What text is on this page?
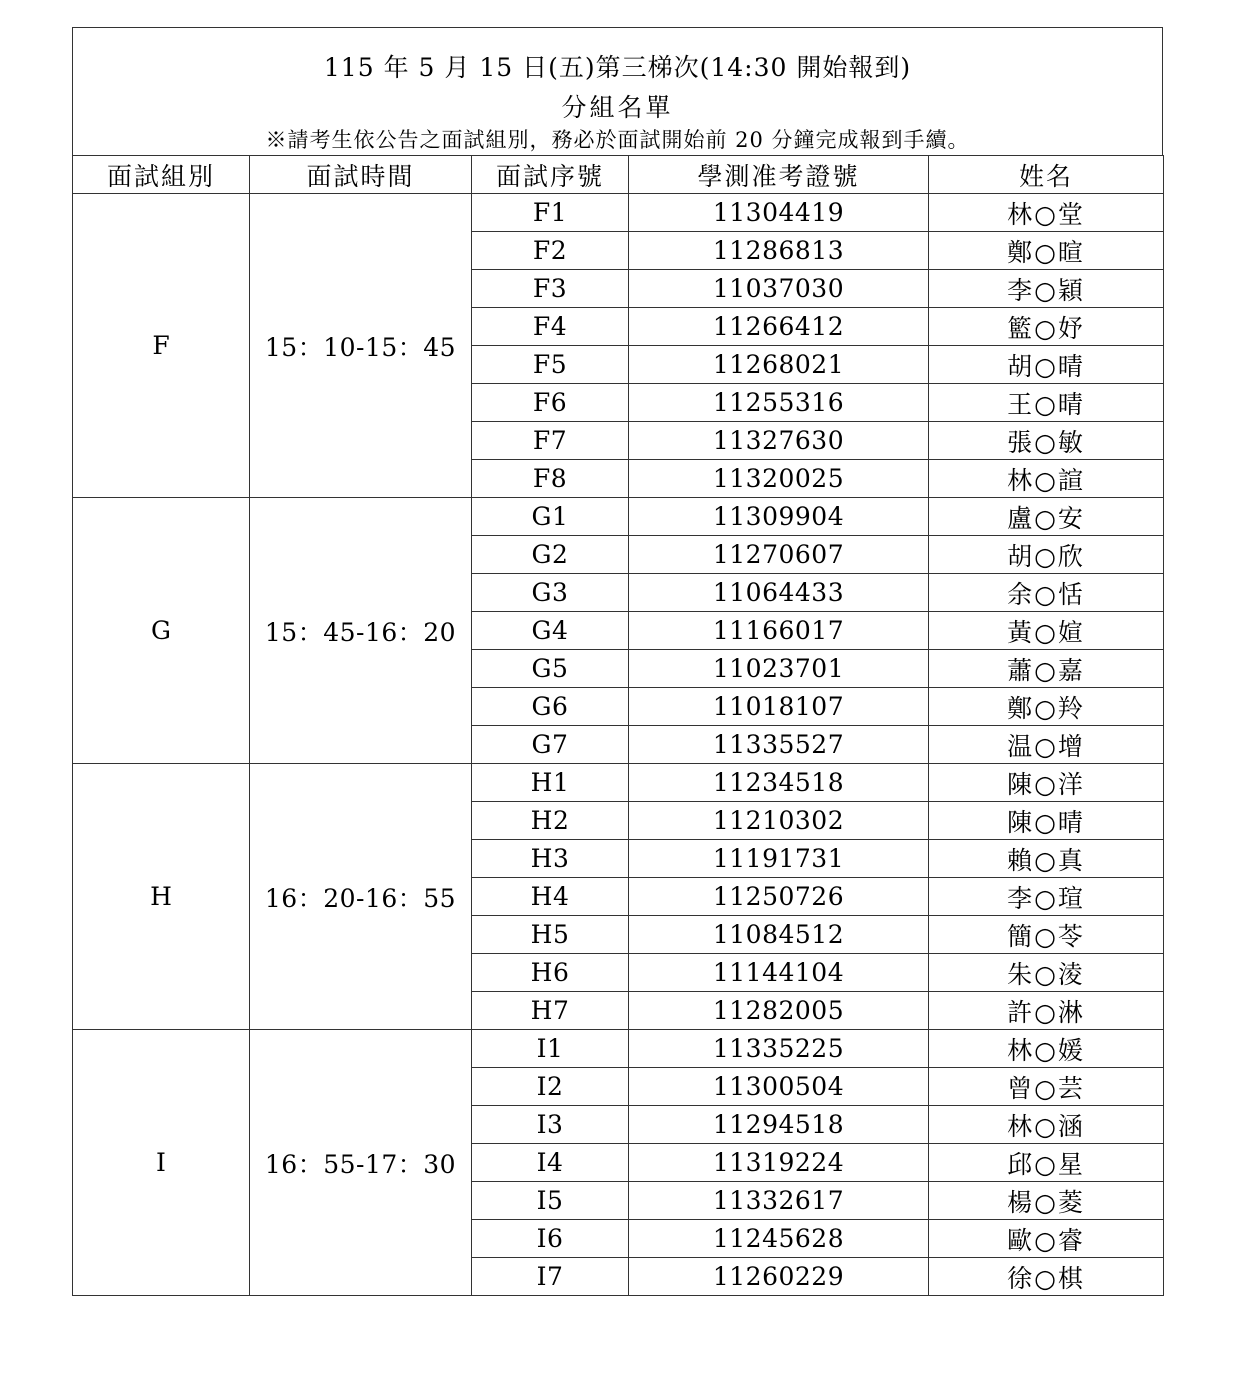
115 年 5 月 15 日(五)第三梯次(14:30 開始報到)
分組名單
※請考生依公告之面試組別，務必於面試開始前 20 分鐘完成報到手續。
面試組別	面試時間	面試序號	學測准考證號	姓名
F	15：10-15：45	F1	11304419	林○堂
		F2	11286813	鄭○暄
		F3	11037030	李○穎
		F4	11266412	籃○妤
		F5	11268021	胡○晴
		F6	11255316	王○晴
		F7	11327630	張○敏
		F8	11320025	林○諠
G	15：45-16：20	G1	11309904	盧○安
		G2	11270607	胡○欣
		G3	11064433	余○恬
		G4	11166017	黃○媗
		G5	11023701	蕭○嘉
		G6	11018107	鄭○羚
		G7	11335527	温○增
H	16：20-16：55	H1	11234518	陳○洋
		H2	11210302	陳○晴
		H3	11191731	賴○真
		H4	11250726	李○瑄
		H5	11084512	簡○苓
		H6	11144104	朱○淩
		H7	11282005	許○淋
I	16：55-17：30	I1	11335225	林○媛
		I2	11300504	曾○芸
		I3	11294518	林○涵
		I4	11319224	邱○星
		I5	11332617	楊○菱
		I6	11245628	歐○睿
		I7	11260229	徐○棋
